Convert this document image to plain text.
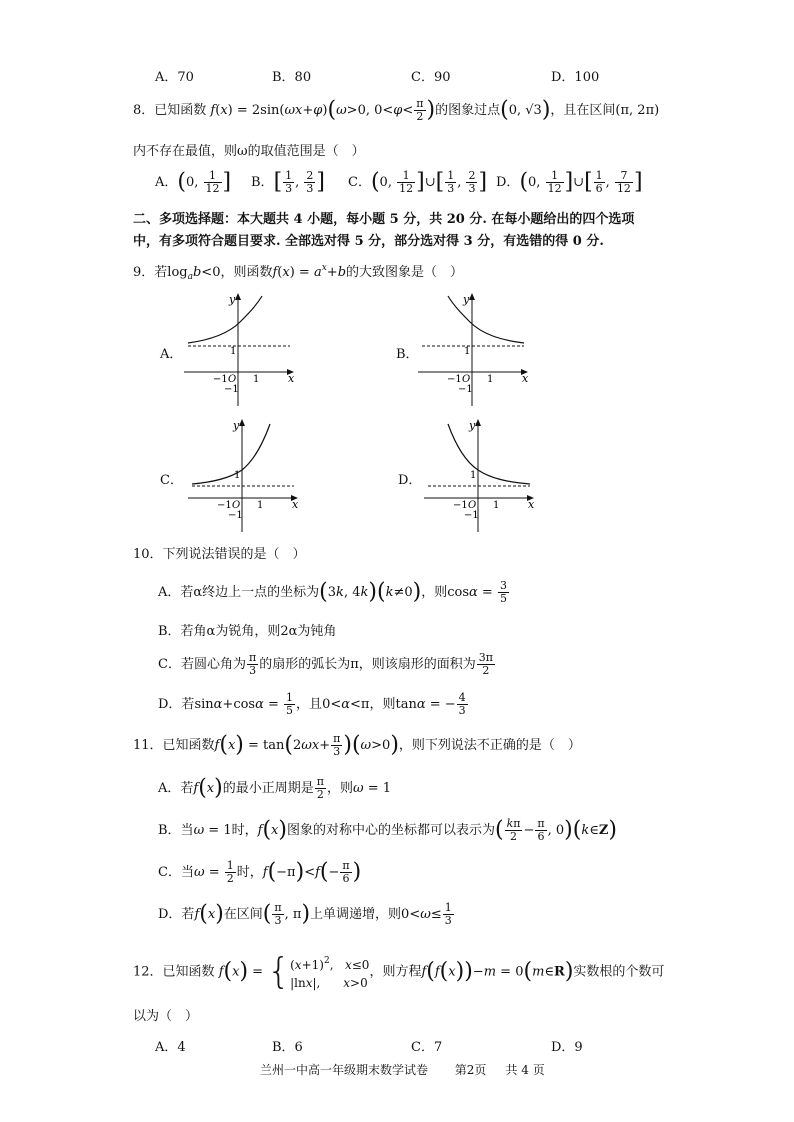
A．70	B．80	C．90	D．100
8．已知函数 f(x) = 2sin(ωx+φ)(ω>0, $0<\varphi< \frac{\pi}{2}$ )的图象过点(0, √3)，且在区间(π, 2π)
内不存在最值，则ω的取值范围是（　）
A．(0, $\frac{1}{12}$ ] B．[ $\frac{1}{3}$ , $\frac{2}{3}$ ] C．(0, $\frac{1}{12}$ ]∪[ $\frac{1}{3}$ , $\frac{2}{3}$ ] D．(0, $\frac{1}{12}$ ]∪[ $\frac{1}{6}$ , $\frac{7}{12}$ ]
二、多项选择题：本大题共 4 小题，每小题 5 分，共 20 分. 在每小题给出的四个选项
中，有多项符合题目要求. 全部选对得 5 分，部分选对得 3 分，有选错的得 0 分.
9．若$\log_ab<0$，则函数$f(x) = a^x+b$的大致图象是（　）
A．	B．
C．	D．
y
x
1
−1 O 1
−1
y
x
1
−1 O 1
−1
y
x
1
−1 O 1
−1
y
x
1
−1 O 1
−1
10．下列说法错误的是（　）
A．若α终边上一点的坐标为(3k, 4k)(k≠0)，则$\cos\alpha = \frac{3}{5}$
B．若角α为锐角，则2α为钝角
C．若圆心角为 $\frac{\pi}{3}$ 的扇形的弧长为π，则该扇形的面积为 $\frac{3\pi}{2}$
D．若$\sin\alpha+\cos\alpha = \frac{1}{5}$ ，且0<α<π，则tanα = − $\frac{4}{3}$
11．已知函数$f(x) = \tan(2\omega x+ \frac{\pi}{3} )(\omega>0)$，则下列说法不正确的是（　）
A．若f(x)的最小正周期是 $\frac{\pi}{2}$ ，则ω = 1
B．当ω = 1时，f(x)图象的对称中心的坐标都可以表示为( $\frac{k\pi}{2} - \frac{\pi}{6}$ , 0)(k∈Z)
C．当$\omega = \frac{1}{2}$ 时，$f(-\pi)<f(- \frac{\pi}{6}$ )
D．若f(x)在区间( $\frac{\pi}{3}$ , π)上单调递增，则$0<\omega\le \frac{1}{3}$
12．已知函数 f(x) = { $(x+1)^2$,   x≤0
|lnx|,      x>0
，则方程f(f(x))−m = 0(m∈R)实数根的个数可
以为（　）
A．4	B．6	C．7	D．9
兰州一中高一年级期末数学试卷 第2页 共 4 页
